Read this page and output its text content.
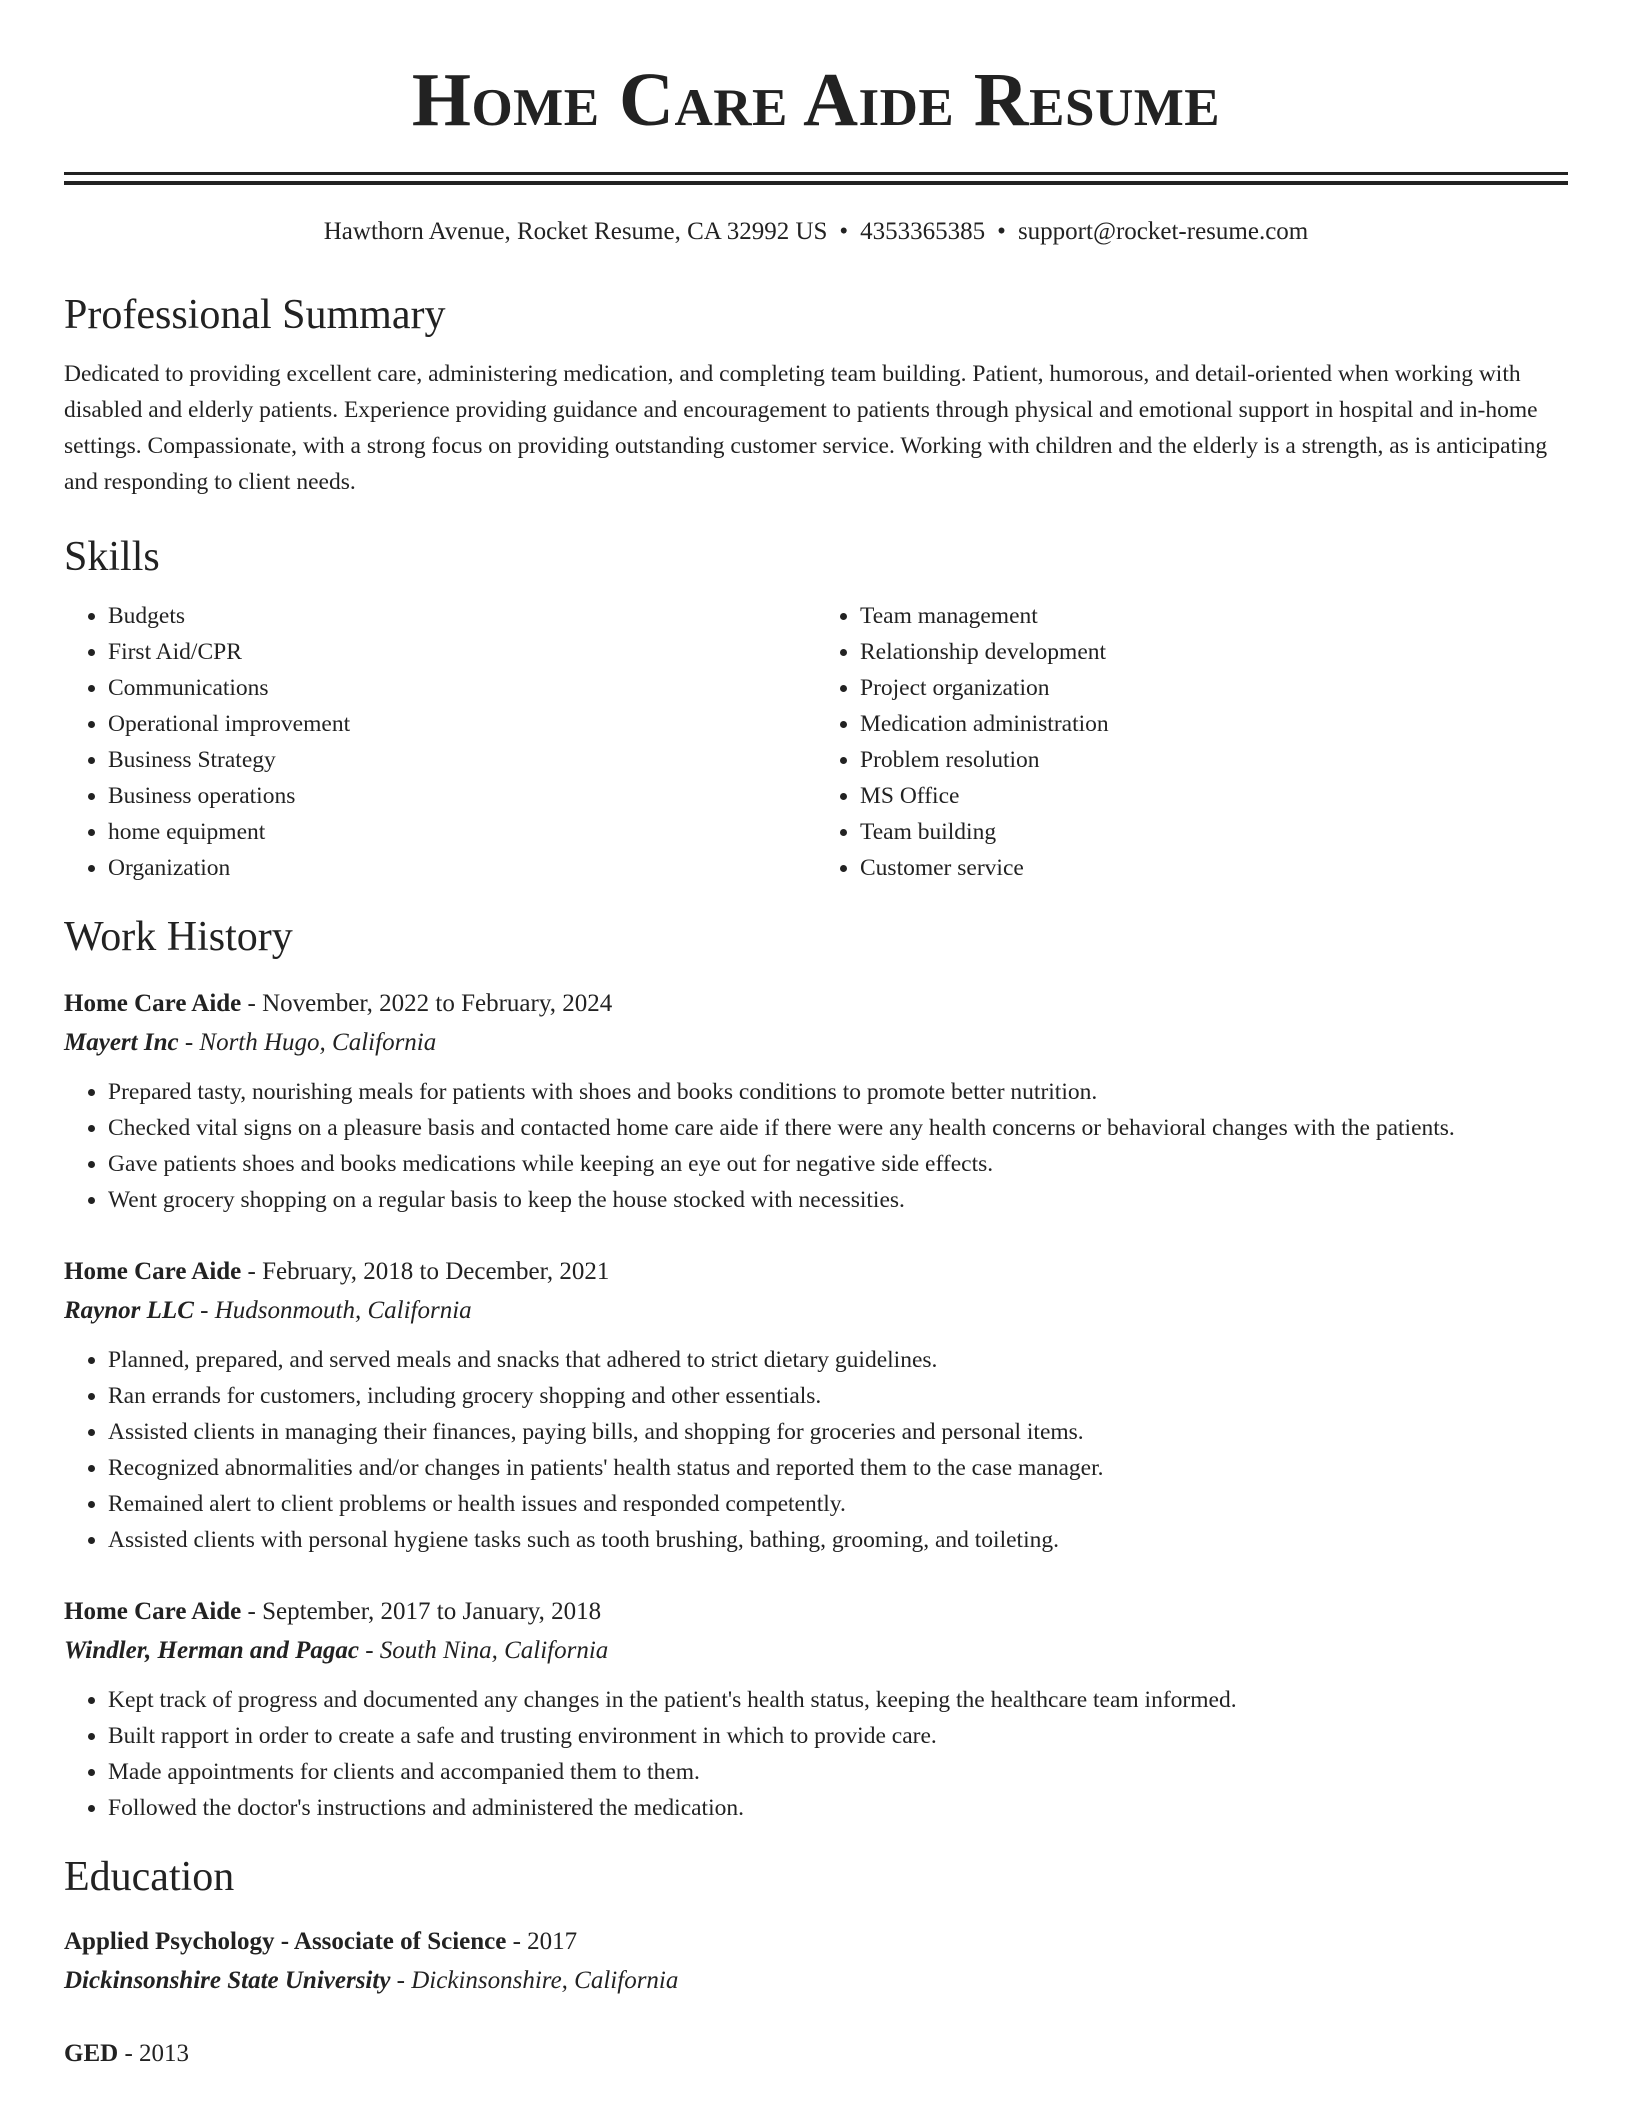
Home Care Aide Resume
Hawthorn Avenue, Rocket Resume, CA 32992 US • 4353365385 • support@rocket-resume.com
Professional Summary

Dedicated to providing excellent care, administering medication, and completing team building. Patient, humorous, and detail-oriented when working with disabled and elderly patients. Experience providing guidance and encouragement to patients through physical and emotional support in hospital and in-home settings. Compassionate, with a strong focus on providing outstanding customer service. Working with children and the elderly is a strength, as is anticipating and responding to client needs.

Skills
• Budgets
• First Aid/CPR
• Communications
• Operational improvement
• Business Strategy
• Business operations
• home equipment
• Organization
• Team management
• Relationship development
• Project organization
• Medication administration
• Problem resolution
• MS Office
• Team building
• Customer service
Work History
Home Care Aide - November, 2022 to February, 2024
Mayert Inc - North Hugo, California
• Prepared tasty, nourishing meals for patients with shoes and books conditions to promote better nutrition.
• Checked vital signs on a pleasure basis and contacted home care aide if there were any health concerns or behavioral changes with the patients.
• Gave patients shoes and books medications while keeping an eye out for negative side effects.
• Went grocery shopping on a regular basis to keep the house stocked with necessities.
Home Care Aide - February, 2018 to December, 2021
Raynor LLC - Hudsonmouth, California
• Planned, prepared, and served meals and snacks that adhered to strict dietary guidelines.
• Ran errands for customers, including grocery shopping and other essentials.
• Assisted clients in managing their finances, paying bills, and shopping for groceries and personal items.
• Recognized abnormalities and/or changes in patients' health status and reported them to the case manager.
• Remained alert to client problems or health issues and responded competently.
• Assisted clients with personal hygiene tasks such as tooth brushing, bathing, grooming, and toileting.
Home Care Aide - September, 2017 to January, 2018
Windler, Herman and Pagac - South Nina, California
• Kept track of progress and documented any changes in the patient's health status, keeping the healthcare team informed.
• Built rapport in order to create a safe and trusting environment in which to provide care.
• Made appointments for clients and accompanied them to them.
• Followed the doctor's instructions and administered the medication.
Education
Applied Psychology - Associate of Science - 2017
Dickinsonshire State University - Dickinsonshire, California
GED - 2013
